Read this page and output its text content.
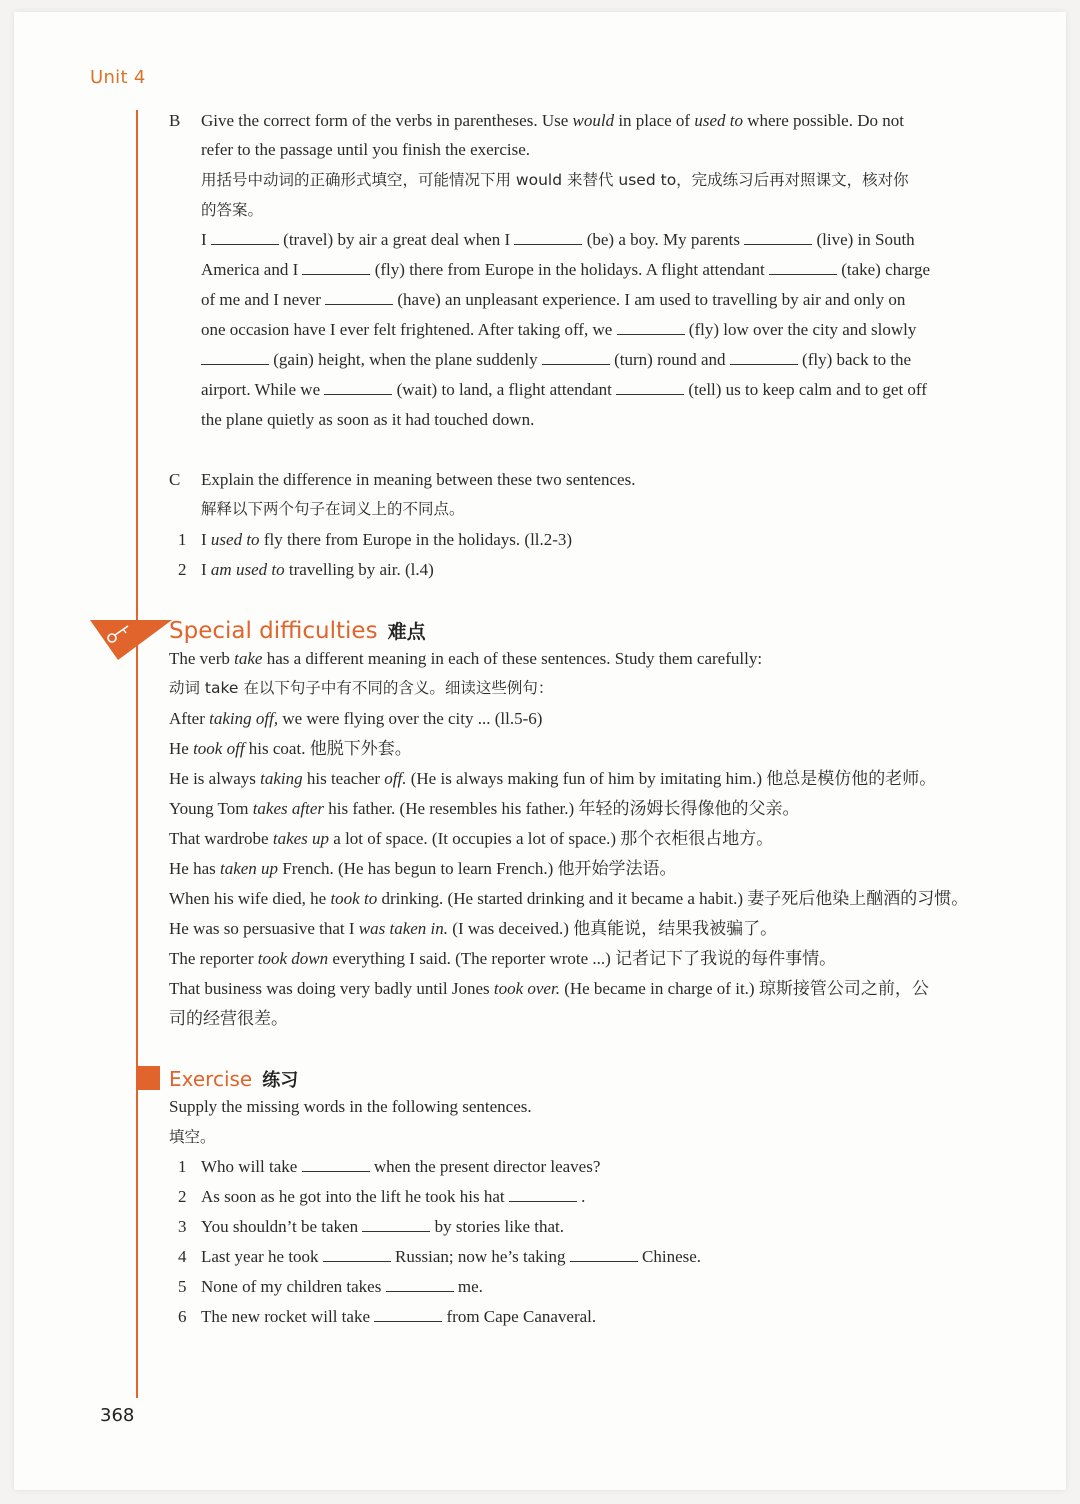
Unit 4
B Give the correct form of the verbs in parentheses. Use would in place of used to where possible. Do not
refer to the passage until you finish the exercise.
用括号中动词的正确形式填空，可能情况下用 would 来替代 used to，完成练习后再对照课文，核对你
的答案。
I	(travel) by air a great deal when I	(be) a boy. My parents	(live) in South
America and I	(fly) there from Europe in the holidays. A flight attendant	(take) charge
of me and I never	(have) an unpleasant experience. I am used to travelling by air and only on
one occasion have I ever felt frightened. After taking off, we	(fly) low over the city and slowly
(gain) height, when the plane suddenly	(turn) round and	(fly) back to the
airport. While we	(wait) to land, a flight attendant	(tell) us to keep calm and to get off
the plane quietly as soon as it had touched down.
C Explain the difference in meaning between these two sentences.
解释以下两个句子在词义上的不同点。
1 I used to fly there from Europe in the holidays. (ll.2-3)
2 I am used to travelling by air. (l.4)
Special difficulties 难点
The verb take has a different meaning in each of these sentences. Study them carefully:
动词 take 在以下句子中有不同的含义。细读这些例句：
After taking off, we were flying over the city ... (ll.5-6)
He took off his coat. 他脱下外套。
He is always taking his teacher off. (He is always making fun of him by imitating him.) 他总是模仿他的老师。
Young Tom takes after his father. (He resembles his father.) 年轻的汤姆长得像他的父亲。
That wardrobe takes up a lot of space. (It occupies a lot of space.) 那个衣柜很占地方。
He has taken up French. (He has begun to learn French.) 他开始学法语。
When his wife died, he took to drinking. (He started drinking and it became a habit.) 妻子死后他染上酗酒的习惯。
He was so persuasive that I was taken in. (I was deceived.) 他真能说，结果我被骗了。
The reporter took down everything I said. (The reporter wrote ...) 记者记下了我说的每件事情。
That business was doing very badly until Jones took over. (He became in charge of it.) 琼斯接管公司之前，公
司的经营很差。
Exercise 练习
Supply the missing words in the following sentences.
填空。
1 Who will take	when the present director leaves?
2 As soon as he got into the lift he took his hat	.
3 You shouldn’t be taken	by stories like that.
4 Last year he took	Russian; now he’s taking	Chinese.
5 None of my children takes	me.
6 The new rocket will take	from Cape Canaveral.
368
